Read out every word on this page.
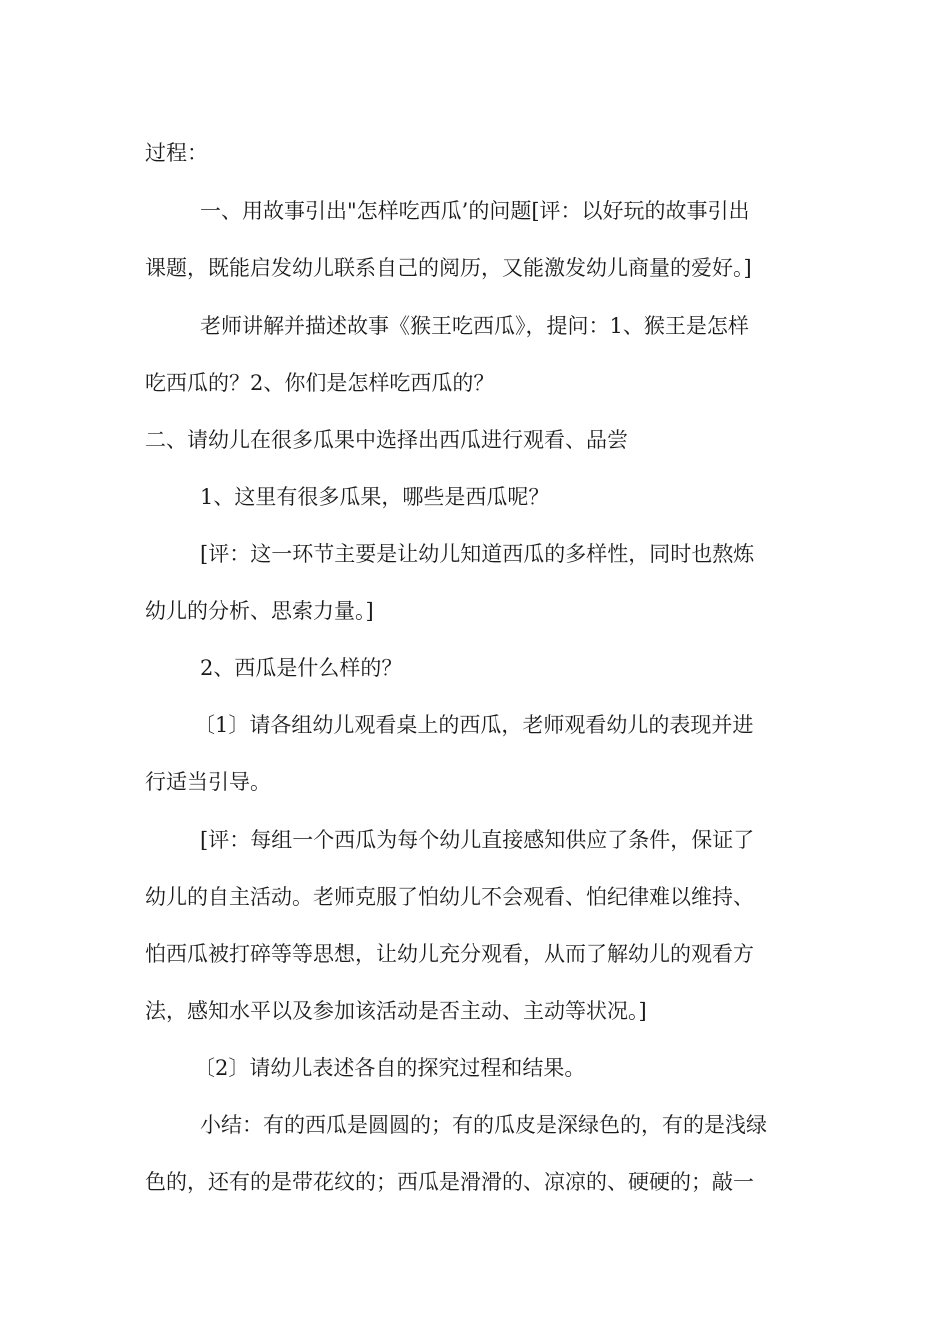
过程：
一、用故事引出"怎样吃西瓜’的问题[评：以好玩的故事引出
课题，既能启发幼儿联系自己的阅历，又能激发幼儿商量的爱好。]
老师讲解并描述故事《猴王吃西瓜》，提问：1、猴王是怎样
吃西瓜的？2、你们是怎样吃西瓜的？
二、请幼儿在很多瓜果中选择出西瓜进行观看、品尝
1、这里有很多瓜果，哪些是西瓜呢？
[评：这一环节主要是让幼儿知道西瓜的多样性，同时也熬炼
幼儿的分析、思索力量。]
2、西瓜是什么样的？
〔1〕请各组幼儿观看桌上的西瓜，老师观看幼儿的表现并进
行适当引导。
[评：每组一个西瓜为每个幼儿直接感知供应了条件，保证了
幼儿的自主活动。老师克服了怕幼儿不会观看、怕纪律难以维持、
怕西瓜被打碎等等思想，让幼儿充分观看，从而了解幼儿的观看方
法，感知水平以及参加该活动是否主动、主动等状况。]
〔2〕请幼儿表述各自的探究过程和结果。
小结：有的西瓜是圆圆的；有的瓜皮是深绿色的，有的是浅绿
色的，还有的是带花纹的；西瓜是滑滑的、凉凉的、硬硬的；敲一
